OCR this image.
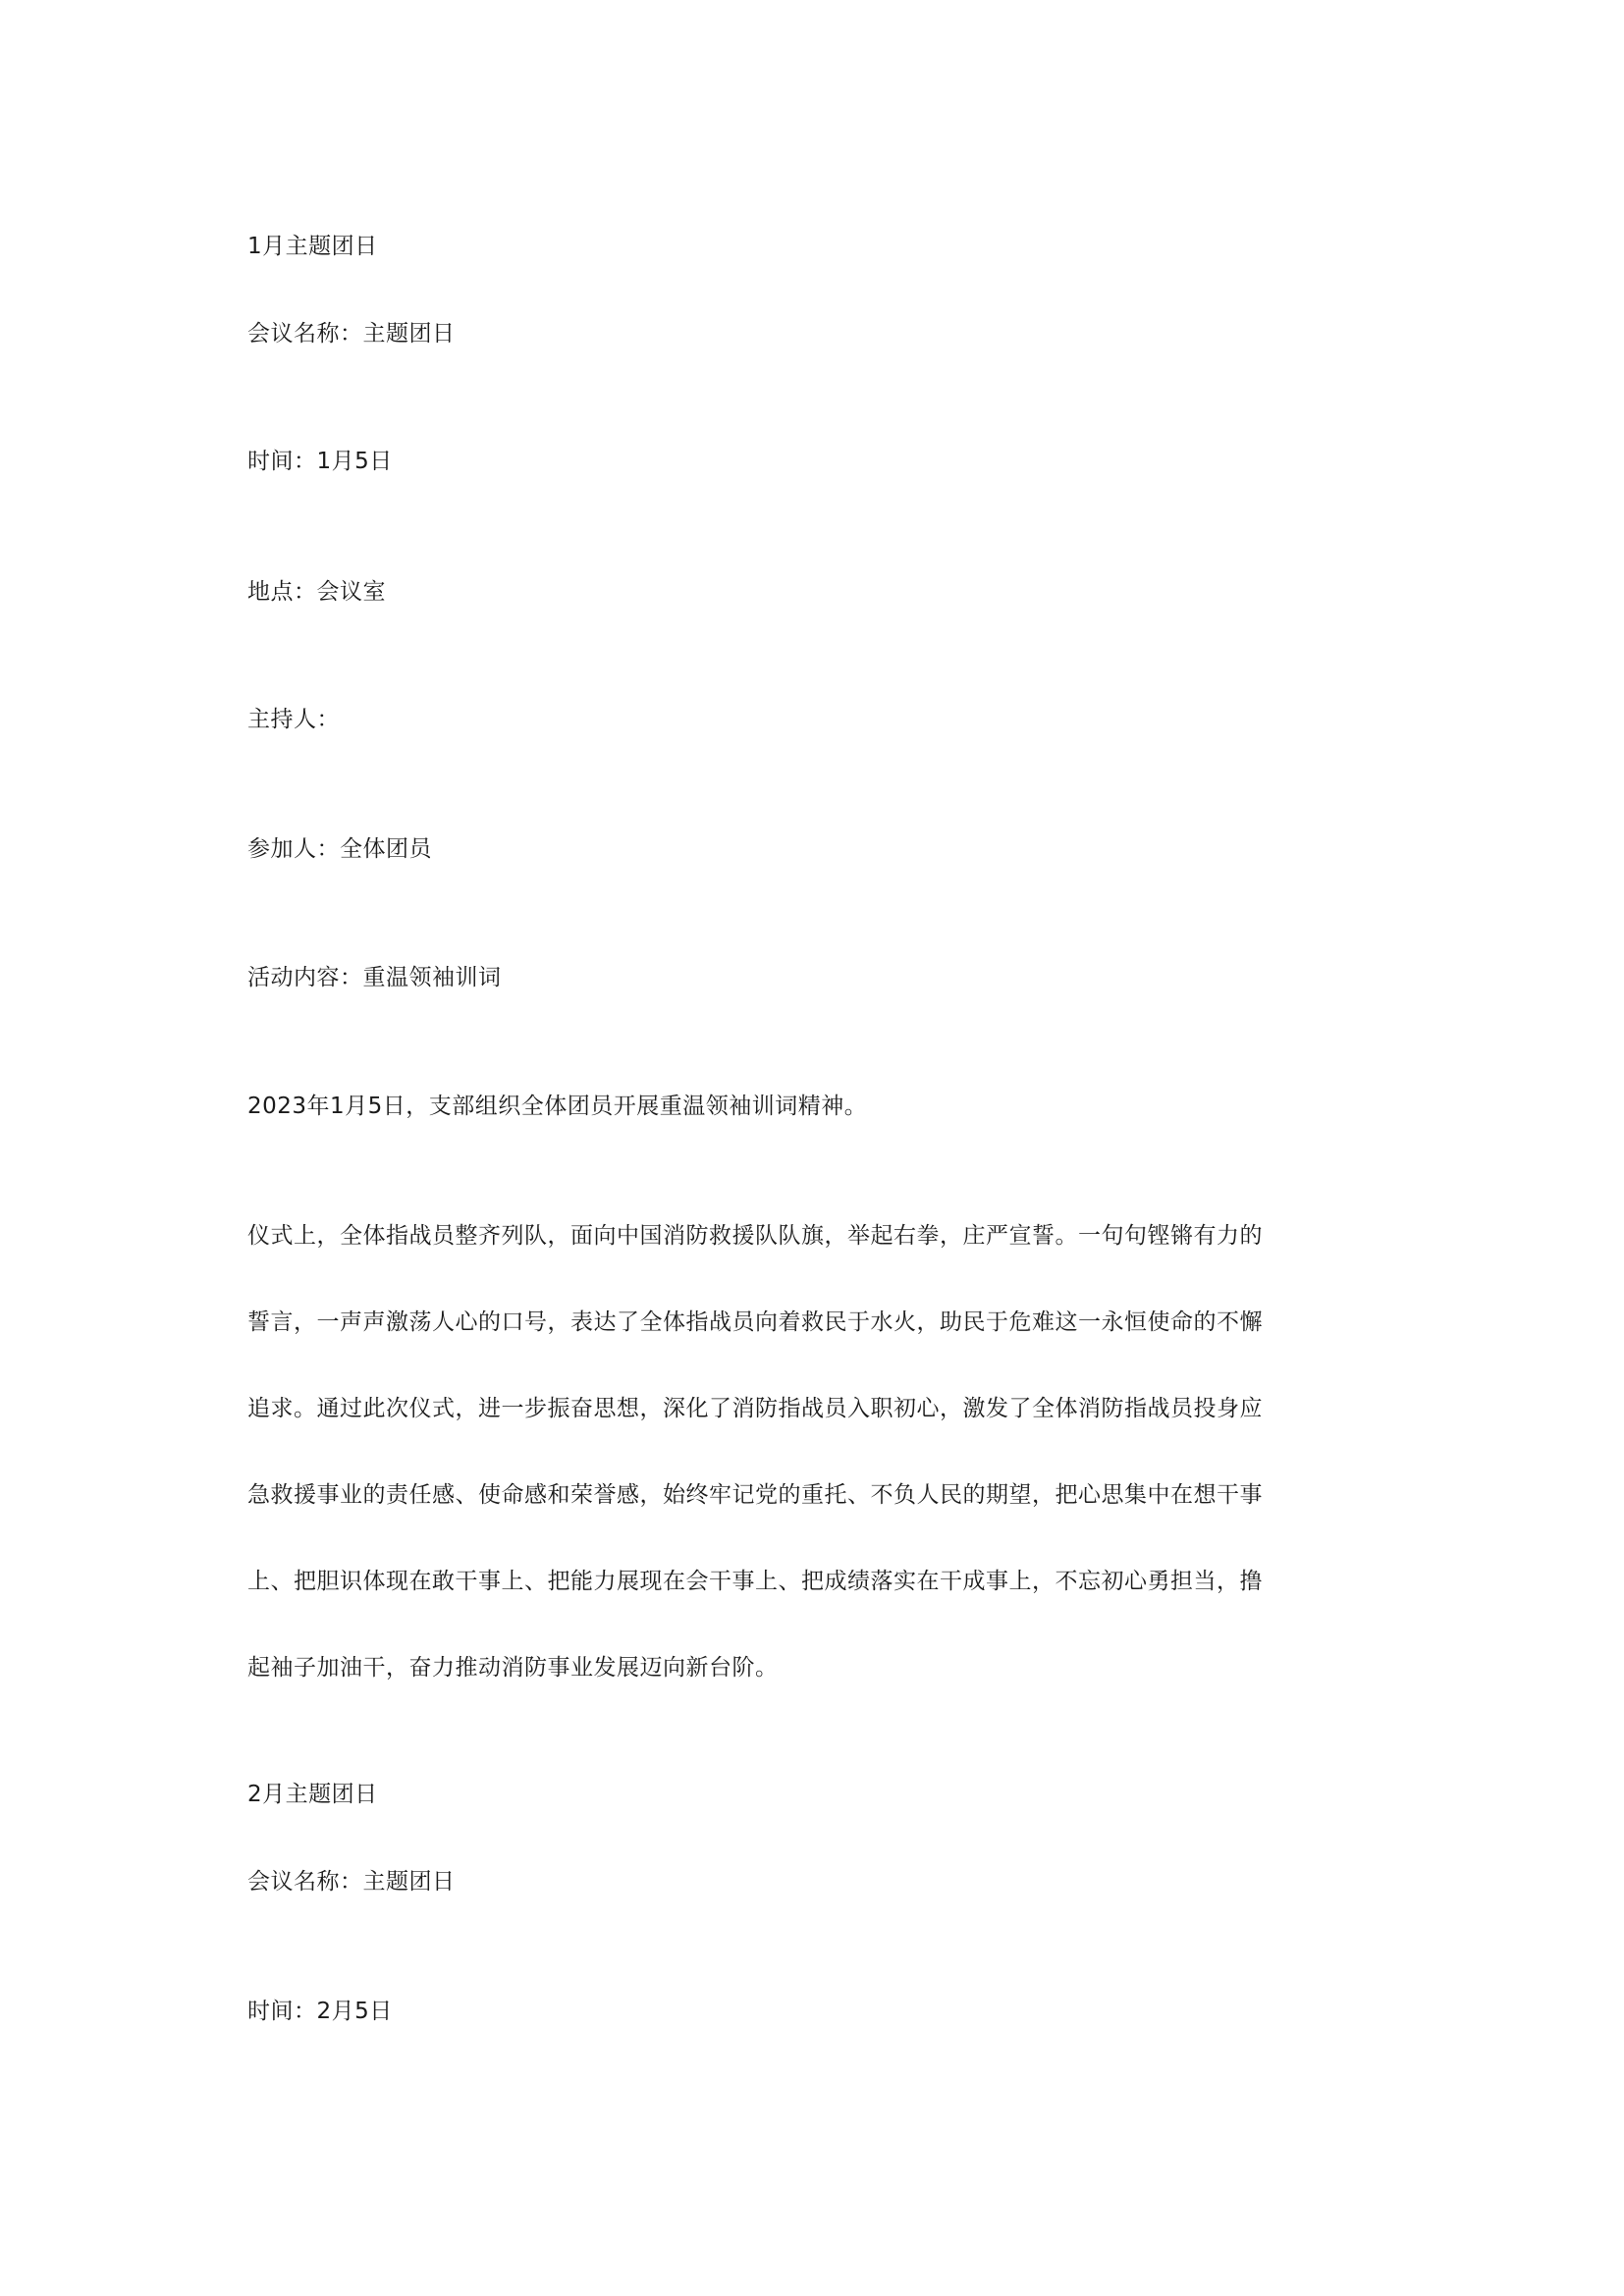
1月主题团日
会议名称：主题团日
时间：1月5日
地点：会议室
主持人：
参加人：全体团员
活动内容：重温领袖训词
2023年1月5日，支部组织全体团员开展重温领袖训词精神。
仪式上，全体指战员整齐列队，面向中国消防救援队队旗，举起右拳，庄严宣誓。一句句铿锵有力的
誓言，一声声激荡人心的口号，表达了全体指战员向着救民于水火，助民于危难这一永恒使命的不懈
追求。通过此次仪式，进一步振奋思想，深化了消防指战员入职初心，激发了全体消防指战员投身应
急救援事业的责任感、使命感和荣誉感，始终牢记党的重托、不负人民的期望，把心思集中在想干事
上、把胆识体现在敢干事上、把能力展现在会干事上、把成绩落实在干成事上，不忘初心勇担当，撸
起袖子加油干，奋力推动消防事业发展迈向新台阶。
2月主题团日
会议名称：主题团日
时间：2月5日
